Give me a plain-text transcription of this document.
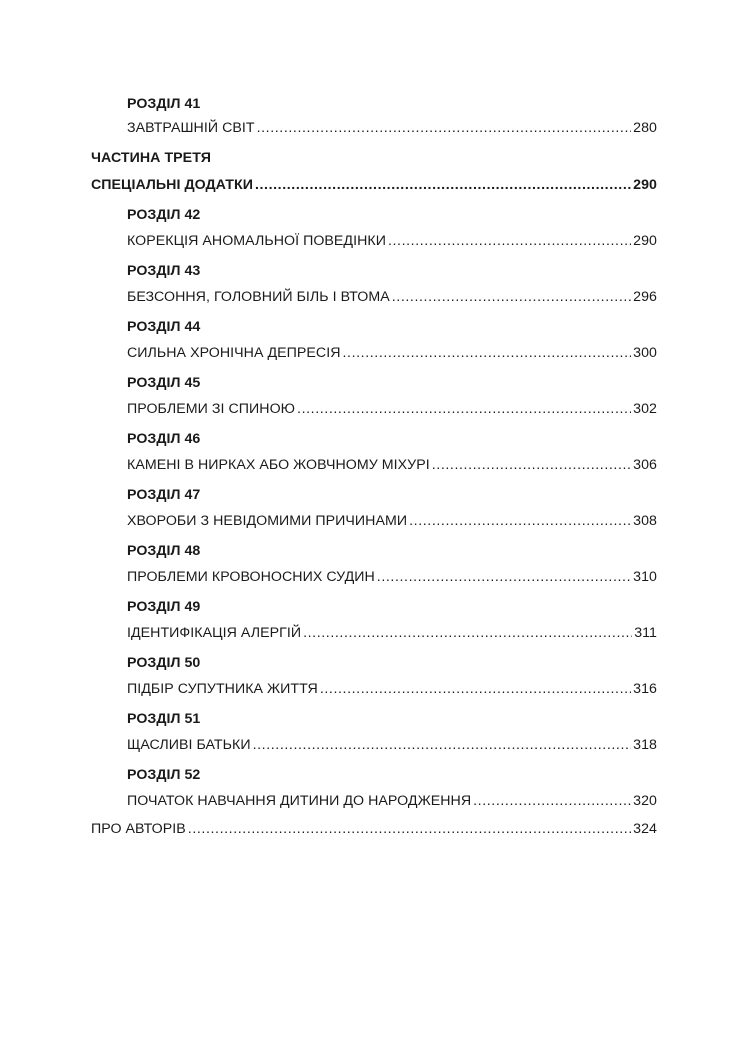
РОЗДІЛ 41
ЗАВТРАШНІЙ СВІТ .....	280
ЧАСТИНА ТРЕТЯ
СПЕЦІАЛЬНІ ДОДАТКИ .....	290
РОЗДІЛ 42
КОРЕКЦІЯ АНОМАЛЬНОЇ ПОВЕДІНКИ .....	290
РОЗДІЛ 43
БЕЗСОННЯ, ГОЛОВНИЙ БІЛЬ І ВТОМА .....	296
РОЗДІЛ 44
СИЛЬНА ХРОНІЧНА ДЕПРЕСІЯ .....	300
РОЗДІЛ 45
ПРОБЛЕМИ ЗІ СПИНОЮ .....	302
РОЗДІЛ 46
КАМЕНІ В НИРКАХ АБО ЖОВЧНОМУ МІХУРІ .....	306
РОЗДІЛ 47
ХВОРОБИ З НЕВІДОМИМИ ПРИЧИНАМИ .....	308
РОЗДІЛ 48
ПРОБЛЕМИ КРОВОНОСНИХ СУДИН .....	310
РОЗДІЛ 49
ІДЕНТИФІКАЦІЯ АЛЕРГІЙ .....	311
РОЗДІЛ 50
ПІДБІР СУПУТНИКА ЖИТТЯ .....	316
РОЗДІЛ 51
ЩАСЛИВІ БАТЬКИ .....	318
РОЗДІЛ 52
ПОЧАТОК НАВЧАННЯ ДИТИНИ ДО НАРОДЖЕННЯ .....	320
ПРО АВТОРІВ .....	324
